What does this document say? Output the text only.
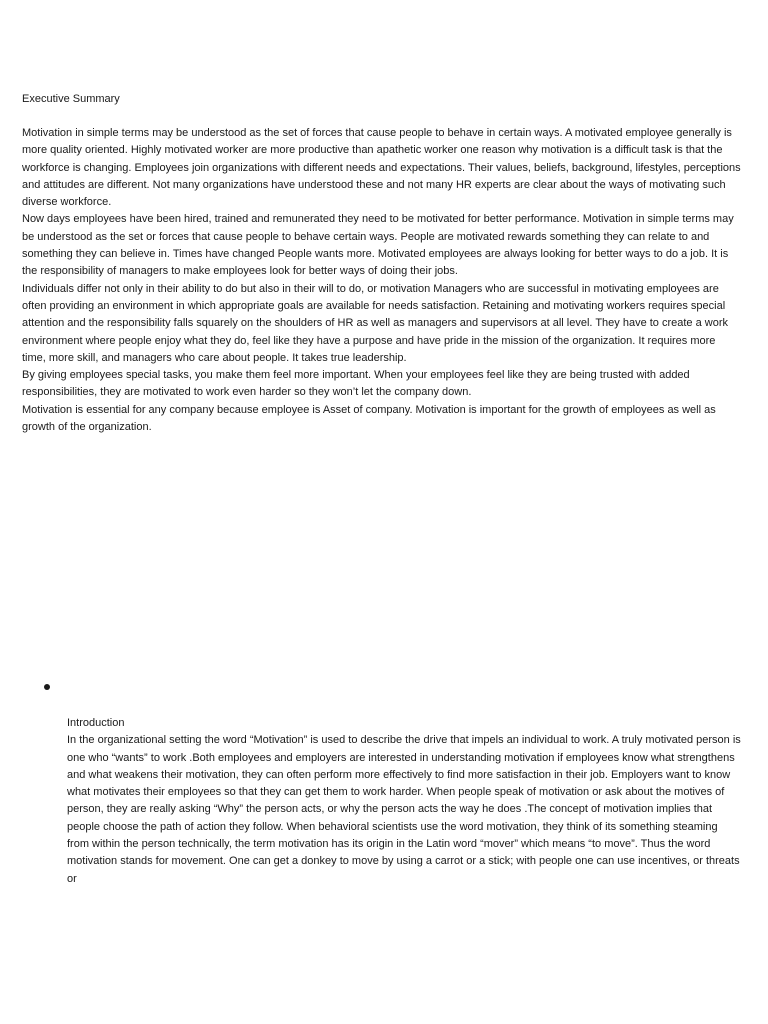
Executive Summary

Motivation in simple terms may be understood as the set of forces that cause people to behave in certain ways. A motivated employee generally is more quality oriented. Highly motivated worker are more productive than apathetic worker one reason why motivation is a difficult task is that the workforce is changing. Employees join organizations with different needs and expectations. Their values, beliefs, background, lifestyles, perceptions and attitudes are different. Not many organizations have understood these and not many HR experts are clear about the ways of motivating such diverse workforce.

Now days employees have been hired, trained and remunerated they need to be motivated for better performance. Motivation in simple terms may be understood as the set or forces that cause people to behave certain ways. People are motivated rewards something they can relate to and something they can believe in. Times have changed People wants more. Motivated employees are always looking for better ways to do a job. It is the responsibility of managers to make employees look for better ways of doing their jobs.

Individuals differ not only in their ability to do but also in their will to do, or motivation Managers who are successful in motivating employees are often providing an environment in which appropriate goals are available for needs satisfaction. Retaining and motivating workers requires special attention and the responsibility falls squarely on the shoulders of HR as well as managers and supervisors at all level. They have to create a work environment where people enjoy what they do, feel like they have a purpose and have pride in the mission of the organization. It requires more time, more skill, and managers who care about people. It takes true leadership.

By giving employees special tasks, you make them feel more important. When your employees feel like they are being trusted with added responsibilities, they are motivated to work even harder so they won’t let the company down.

Motivation is essential for any company because employee is Asset of company. Motivation is important for the growth of employees as well as growth of the organization.

Introduction

In the organizational setting the word “Motivation” is used to describe the drive that impels an individual to work. A truly motivated person is one who “wants” to work .Both employees and employers are interested in understanding motivation if employees know what strengthens and what weakens their motivation, they can often perform more effectively to find more satisfaction in their job. Employers want to know what motivates their employees so that they can get them to work harder. When people speak of motivation or ask about the motives of person, they are really asking “Why” the person acts, or why the person acts the way he does .The concept of motivation implies that people choose the path of action they follow. When behavioral scientists use the word motivation, they think of its something steaming from within the person technically, the term motivation has its origin in the Latin word “mover” which means “to move”. Thus the word motivation stands for movement. One can get a donkey to move by using a carrot or a stick; with people one can use incentives, or threats or
